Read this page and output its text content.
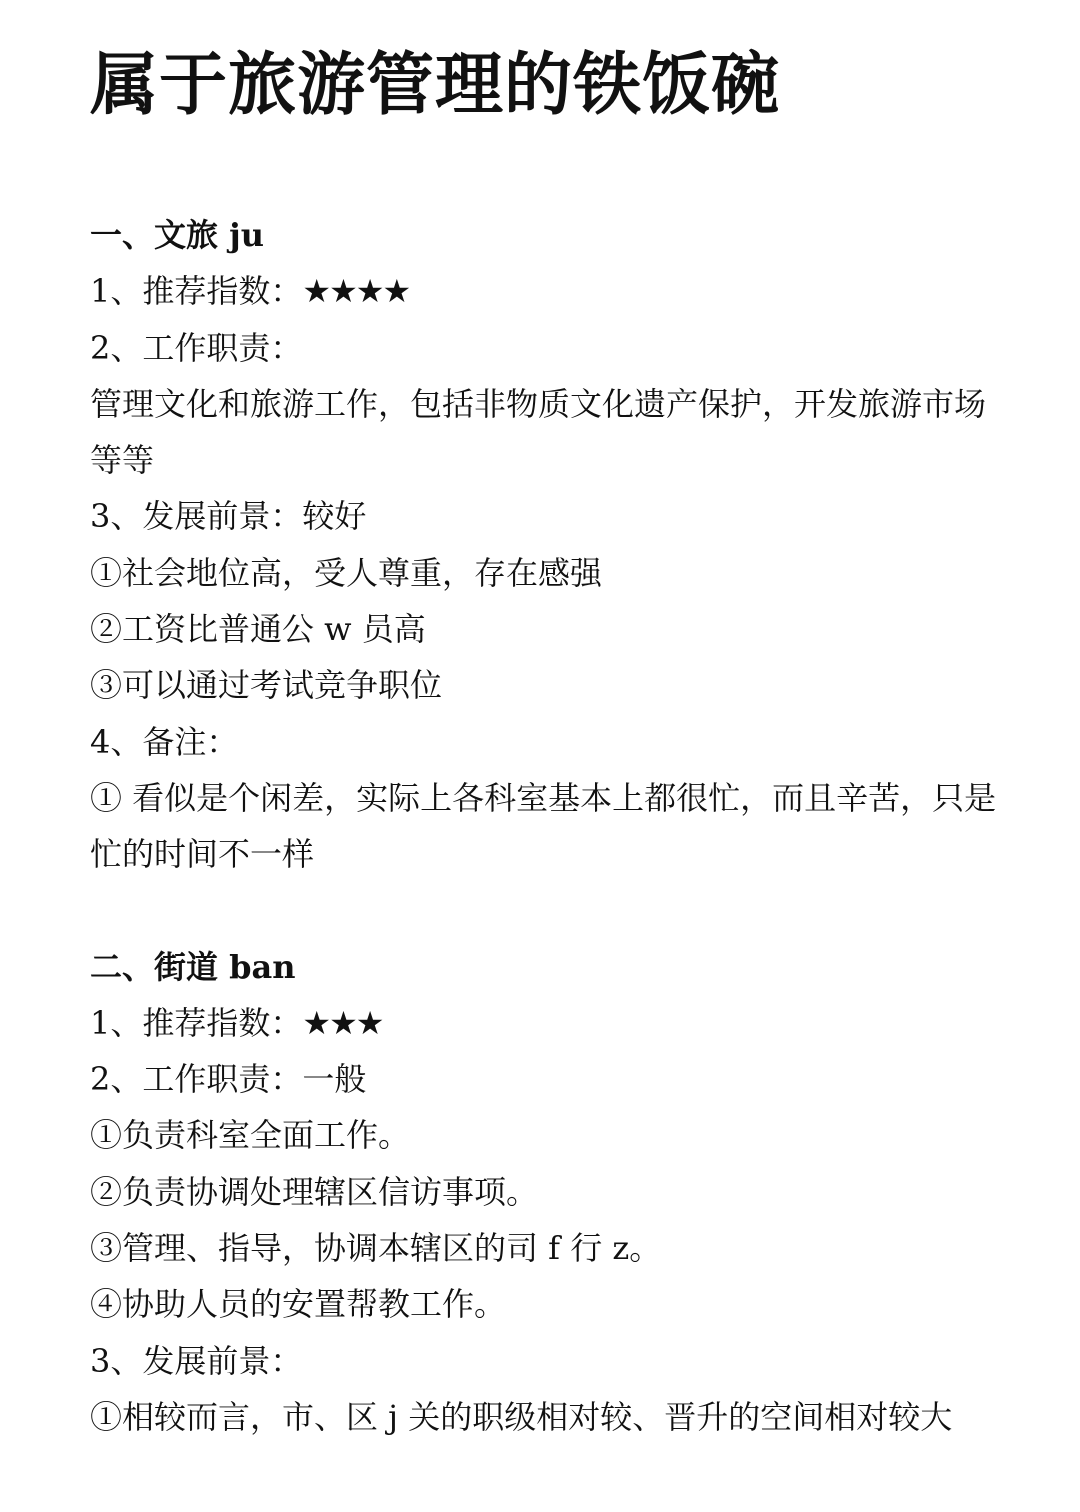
属于旅游管理的铁饭碗
一、文旅 ju
1、推荐指数：★★★★
2、工作职责：
管理文化和旅游工作，包括非物质文化遗产保护，开发旅游市场等等
3、发展前景：较好
①社会地位高，受人尊重，存在感强
②工资比普通公 w 员高
③可以通过考试竞争职位
4、备注：
① 看似是个闲差，实际上各科室基本上都很忙，而且辛苦，只是忙的时间不一样
二、街道 ban
1、推荐指数：★★★
2、工作职责：一般
①负责科室全面工作。
②负责协调处理辖区信访事项。
③管理、指导，协调本辖区的司 f 行 z。
④协助人员的安置帮教工作。
3、发展前景：
①相较而言，市、区 j 关的职级相对较、晋升的空间相对较大
